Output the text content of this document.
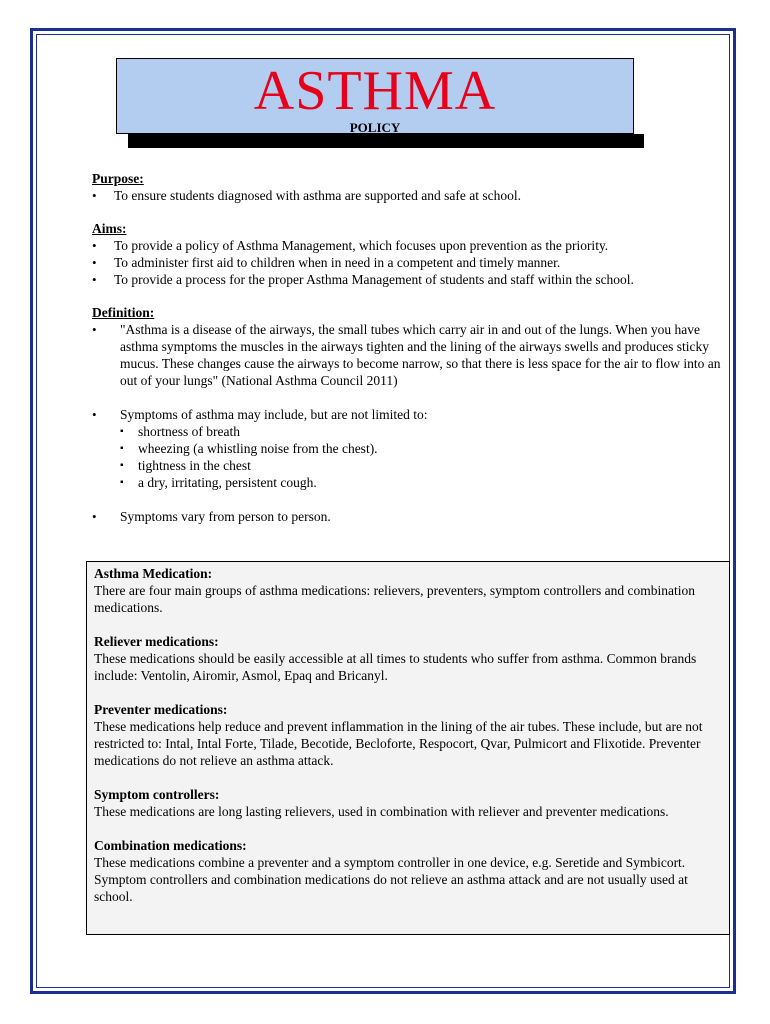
ASTHMA
POLICY
Purpose:
•	To ensure students diagnosed with asthma are supported and safe at school.
Aims:
•	To provide a policy of Asthma Management, which focuses upon prevention as the priority.
•	To administer first aid to children when in need in a competent and timely manner.
•	To provide a process for the proper Asthma Management of students and staff within the school.
Definition:
•	"Asthma is a disease of the airways, the small tubes which carry air in and out of the lungs. When you have asthma symptoms the muscles in the airways tighten and the lining of the airways swells and produces sticky mucus. These changes cause the airways to become narrow, so that there is less space for the air to flow into an out of your lungs" (National Asthma Council 2011)
•	Symptoms of asthma may include, but are not limited to:
▪	shortness of breath
▪	wheezing (a whistling noise from the chest).
▪	tightness in the chest
▪	a dry, irritating, persistent cough.
•	Symptoms vary from person to person.
Asthma Medication:
There are four main groups of asthma medications: relievers, preventers, symptom controllers and combination medications.
Reliever medications:
These medications should be easily accessible at all times to students who suffer from asthma. Common brands include: Ventolin, Airomir, Asmol, Epaq and Bricanyl.
Preventer medications:
These medications help reduce and prevent inflammation in the lining of the air tubes. These include, but are not restricted to: Intal, Intal Forte, Tilade, Becotide, Becloforte, Respocort, Qvar, Pulmicort and Flixotide. Preventer medications do not relieve an asthma attack.
Symptom controllers:
These medications are long lasting relievers, used in combination with reliever and preventer medications.
Combination medications:
These medications combine a preventer and a symptom controller in one device, e.g. Seretide and Symbicort.
Symptom controllers and combination medications do not relieve an asthma attack and are not usually used at school.
